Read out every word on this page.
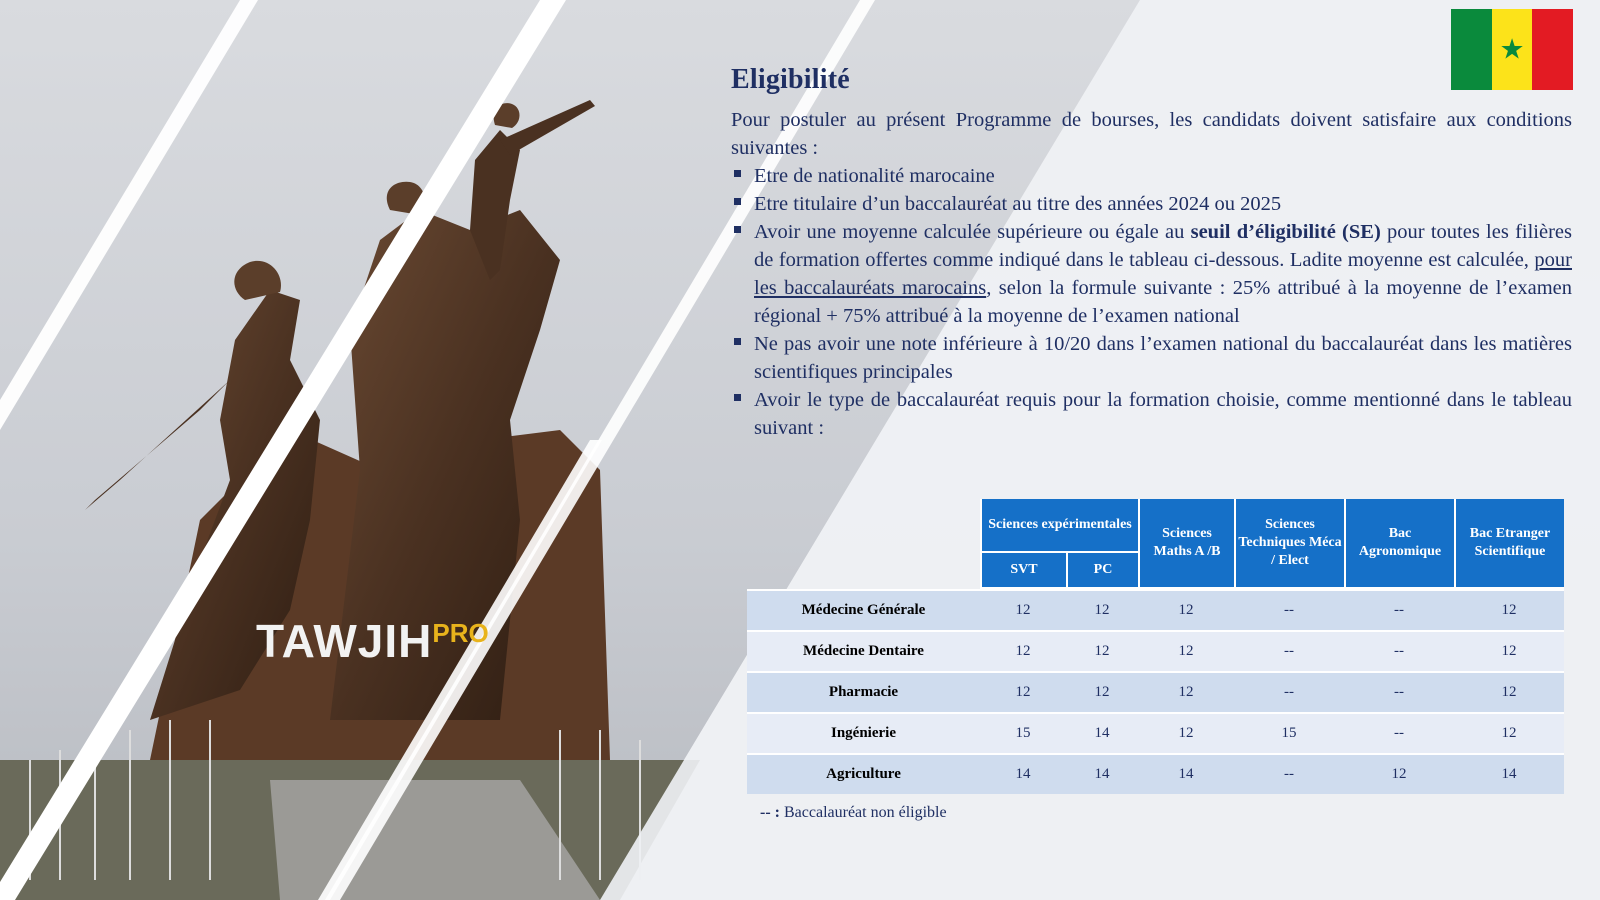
TAWJIHPRO
★
Eligibilité

Pour postuler au présent Programme de bourses, les candidats doivent satisfaire aux conditions suivantes :

Etre de nationalité marocaine
Etre titulaire d’un baccalauréat au titre des années 2024 ou 2025
Avoir une moyenne calculée supérieure ou égale au seuil d’éligibilité (SE) pour toutes les filières de formation offertes comme indiqué dans le tableau ci-dessous. Ladite moyenne est calculée, pour les baccalauréats marocains, selon la formule suivante : 25% attribué à la moyenne de l’examen régional + 75% attribué à la moyenne de l’examen national
Ne pas avoir une note inférieure à 10/20 dans l’examen national du baccalauréat dans les matières scientifiques principales
Avoir le type de baccalauréat requis pour la formation choisie, comme mentionné dans le tableau suivant :
	Sciences expérimentales		Sciences Maths A /B	Sciences Techniques Méca / Elect	Bac Agronomique	Bac Etranger Scientifique
	SVT	PC				
Médecine Générale	12	12	12	--	--	12
Médecine Dentaire	12	12	12	--	--	12
Pharmacie	12	12	12	--	--	12
Ingénierie	15	14	12	15	--	12
Agriculture	14	14	14	--	12	14
-- : Baccalauréat non éligible
